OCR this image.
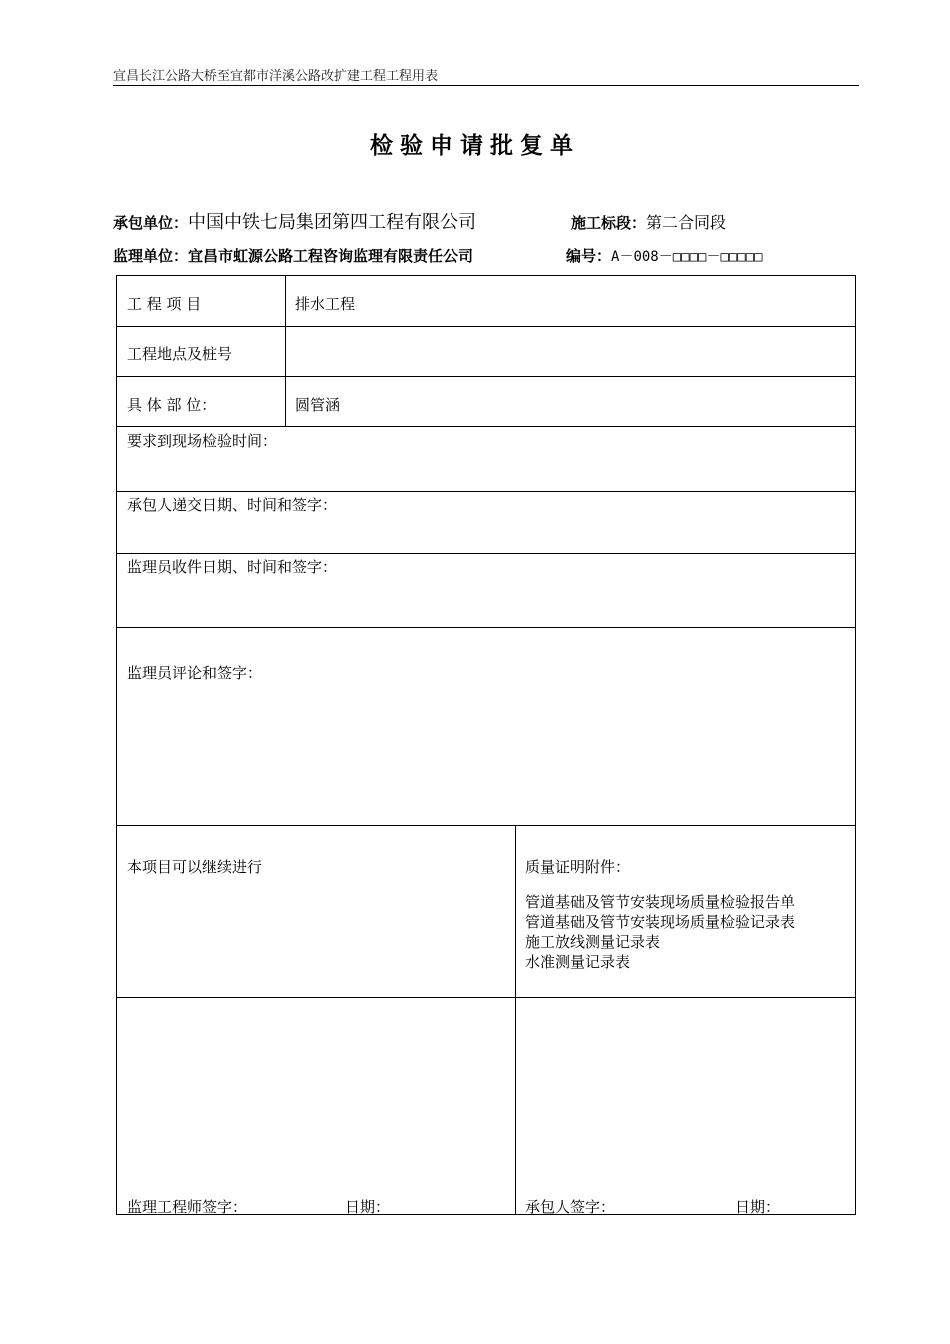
宜昌长江公路大桥至宜都市洋溪公路改扩建工程工程用表
检验申请批复单
承包单位：中国中铁七局集团第四工程有限公司	施工标段：第二合同段
监理单位：宜昌市虹源公路工程咨询监理有限责任公司	编号：A－008－□□□□－□□□□□
工 程 项 目	排水工程
工程地点及桩号
具 体 部 位：	圆管涵
要求到现场检验时间：
承包人递交日期、时间和签字：
监理员收件日期、时间和签字：
监理员评论和签字：
本项目可以继续进行	质量证明附件：
管道基础及管节安装现场质量检验报告单
管道基础及管节安装现场质量检验记录表
施工放线测量记录表
水准测量记录表
监理工程师签字：	日期：	承包人签字：	日期：
